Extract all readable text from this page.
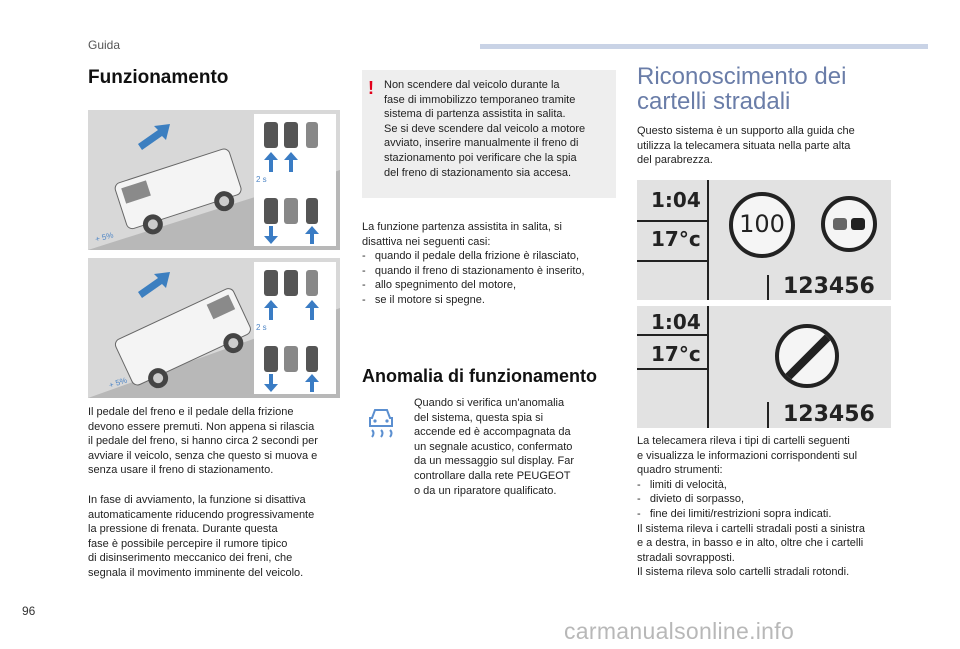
Guida
Funzionamento
+ 5%
2 s
+ 5%
2 s
Il pedale del freno e il pedale della frizione
devono essere premuti. Non appena si rilascia
il pedale del freno, si hanno circa 2 secondi per
avviare il veicolo, senza che questo si muova e
senza usare il freno di stazionamento.
In fase di avviamento, la funzione si disattiva
automaticamente riducendo progressivamente
la pressione di frenata. Durante questa
fase è possibile percepire il rumore tipico
di disinserimento meccanico dei freni, che
segnala il movimento imminente del veicolo.
! Non scendere dal veicolo durante la
fase di immobilizzo temporaneo tramite
sistema di partenza assistita in salita.
Se si deve scendere dal veicolo a motore
avviato, inserire manualmente il freno di
stazionamento poi verificare che la spia
del freno di stazionamento sia accesa.
La funzione partenza assistita in salita, si
disattiva nei seguenti casi:
-   quando il pedale della frizione è rilasciato,
-   quando il freno di stazionamento è inserito,
-   allo spegnimento del motore,
-   se il motore si spegne.
Anomalia di funzionamento
Quando si verifica un'anomalia
del sistema, questa spia si
accende ed è accompagnata da
un segnale acustico, confermato
da un messaggio sul display. Far
controllare dalla rete PEUGEOT
o da un riparatore qualificato.
Riconoscimento dei
cartelli stradali
Questo sistema è un supporto alla guida che
utilizza la telecamera situata nella parte alta
del parabrezza.
1:04
17°c
100
123456
1:04
17°c
123456
La telecamera rileva i tipi di cartelli seguenti
e visualizza le informazioni corrispondenti sul
quadro strumenti:
-   limiti di velocità,
-   divieto di sorpasso,
-   fine dei limiti/restrizioni sopra indicati.
Il sistema rileva i cartelli stradali posti a sinistra
e a destra, in basso e in alto, oltre che i cartelli
stradali sovrapposti.
Il sistema rileva solo cartelli stradali rotondi.
96
carmanualsonline.info
